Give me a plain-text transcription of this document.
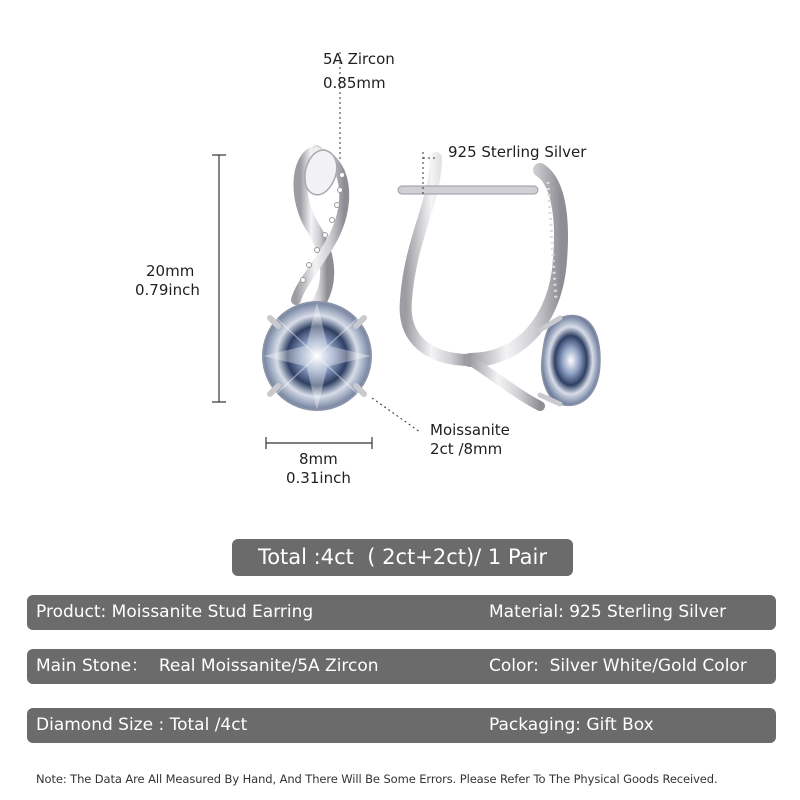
5A Zircon
0.85mm
925 Sterling Silver
20mm
0.79inch
8mm
0.31inch
Moissanite
2ct /8mm
Total :4ct  ( 2ct+2ct)/ 1 Pair
Product: Moissanite Stud Earring	Material: 925 Sterling Silver
Main Stone：  Real Moissanite/5A Zircon	Color:  Silver White/Gold Color
Diamond Size : Total /4ct	Packaging: Gift Box
Note: The Data Are All Measured By Hand, And There Will Be Some Errors. Please Refer To The Physical Goods Received.
